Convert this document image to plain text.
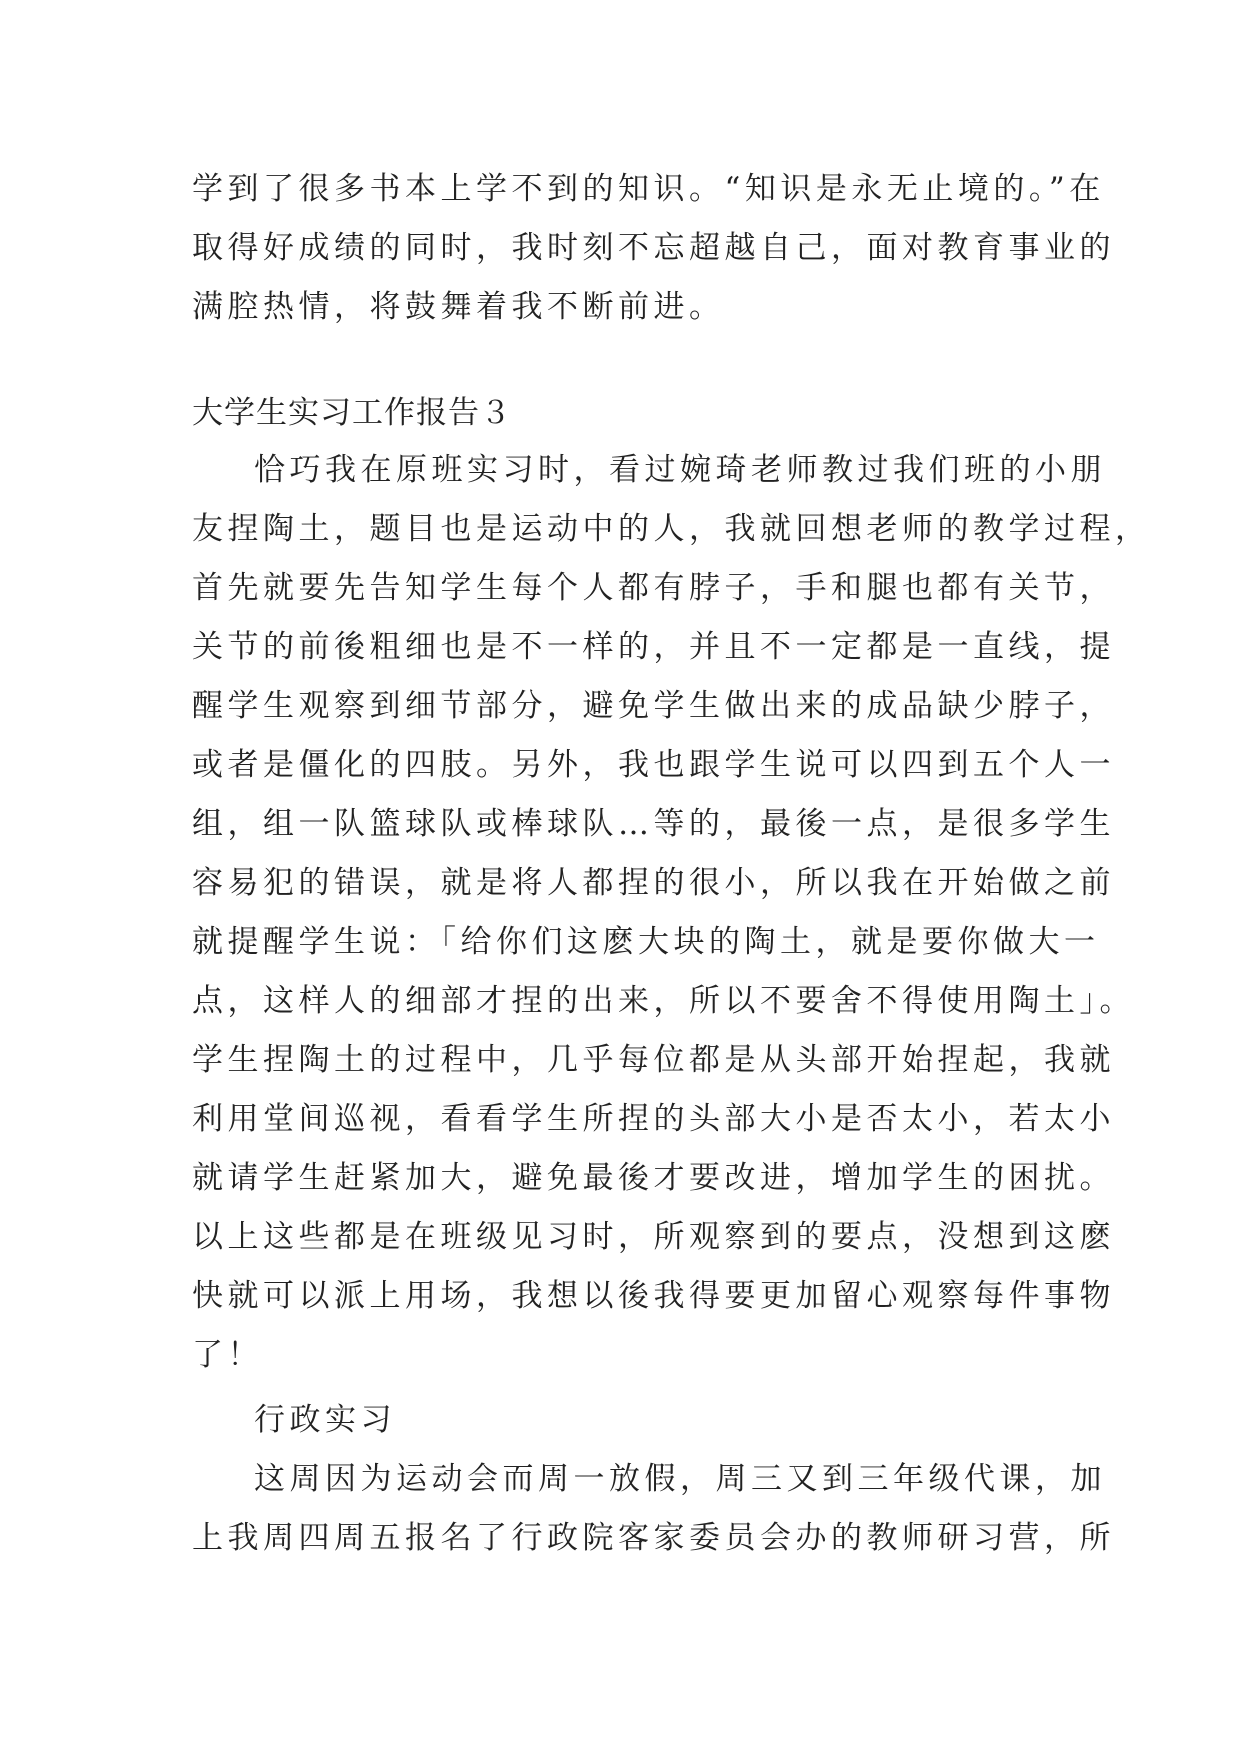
学到了很多书本上学不到的知识。“知识是永无止境的。”在
取得好成绩的同时，我时刻不忘超越自己，面对教育事业的
满腔热情，将鼓舞着我不断前进。
大学生实习工作报告３
恰巧我在原班实习时，看过婉琦老师教过我们班的小朋
友捏陶土，题目也是运动中的人，我就回想老师的教学过程，
首先就要先告知学生每个人都有脖子，手和腿也都有关节，
关节的前後粗细也是不一样的，并且不一定都是一直线，提
醒学生观察到细节部分，避免学生做出来的成品缺少脖子，
或者是僵化的四肢。另外，我也跟学生说可以四到五个人一
组，组一队篮球队或棒球队…等的，最後一点，是很多学生
容易犯的错误，就是将人都捏的很小，所以我在开始做之前
就提醒学生说：「给你们这麽大块的陶土，就是要你做大一
点，这样人的细部才捏的出来，所以不要舍不得使用陶土」。
学生捏陶土的过程中，几乎每位都是从头部开始捏起，我就
利用堂间巡视，看看学生所捏的头部大小是否太小，若太小
就请学生赶紧加大，避免最後才要改进，增加学生的困扰。
以上这些都是在班级见习时，所观察到的要点，没想到这麽
快就可以派上用场，我想以後我得要更加留心观察每件事物
了！
行政实习
这周因为运动会而周一放假，周三又到三年级代课，加
上我周四周五报名了行政院客家委员会办的教师研习营，所
